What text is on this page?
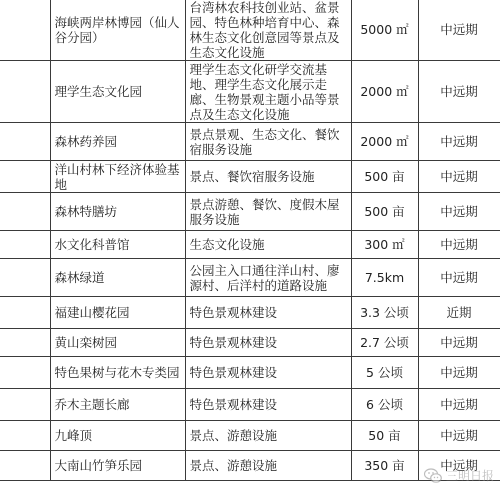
	海峡两岸林博园（仙人谷分园）	台湾林农科技创业站、盆景园、特色林种培育中心、森林生态文化创意园等景点及生态文化设施	5000 ㎡	中远期
	理学生态文化园	理学生态文化研学交流基地、理学生态文化展示走廊、生物景观主题小品等景点及生态文化设施	2000 ㎡	中远期
	森林药养园	景点景观、生态文化、餐饮宿服务设施	2000 ㎡	中远期
	洋山村林下经济体验基地	景点、餐饮宿服务设施	500 亩	中远期
	森林特膳坊	景点游憩、餐饮、度假木屋服务设施	500 亩	中远期
	水文化科普馆	生态文化设施	300 ㎡	中远期
	森林绿道	公园主入口通往洋山村、廖源村、后洋村的道路设施	7.5km	中远期
	福建山樱花园	特色景观林建设	3.3 公顷	近期
	黄山栾树园	特色景观林建设	2.7 公顷	中远期
	特色果树与花木专类园	特色景观林建设	5 公顷	中远期
	乔木主题长廊	特色景观林建设	6 公顷	中远期
	九峰顶	景点、游憩设施	50 亩	中远期
	大南山竹笋乐园	景点、游憩设施	350 亩	中远期
三明日报
